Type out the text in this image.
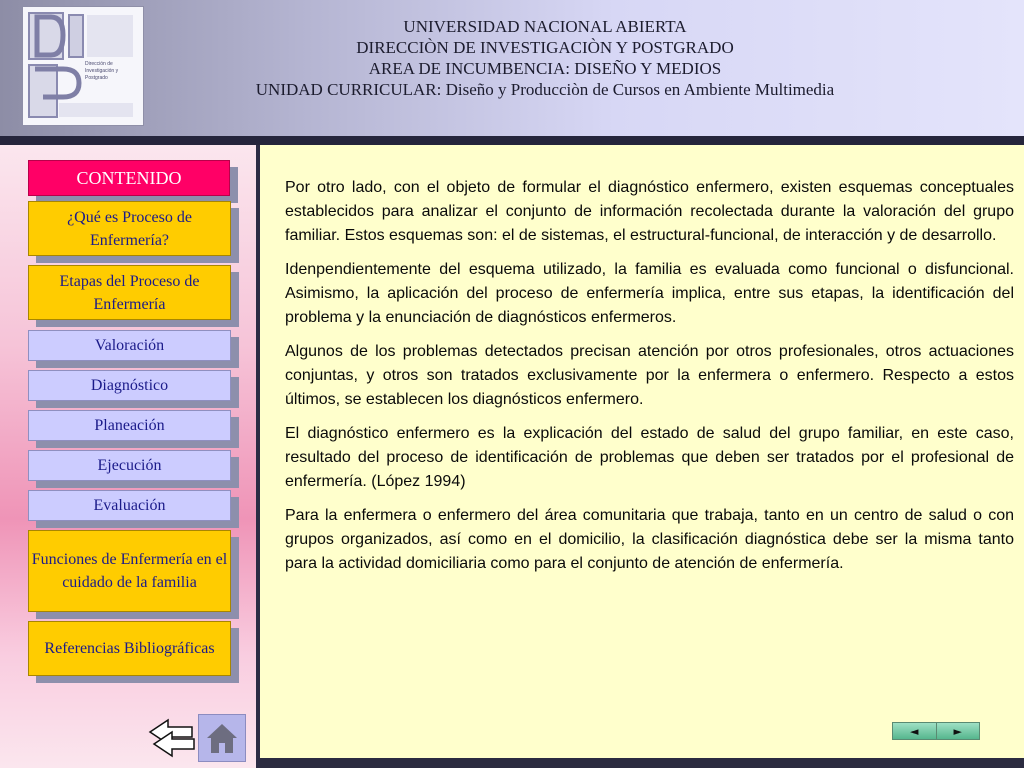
Dirección de
Investigación y
Postgrado
UNIVERSIDAD NACIONAL ABIERTA
DIRECCIÒN DE INVESTIGACIÒN Y POSTGRADO
AREA DE INCUMBENCIA: DISEÑO Y MEDIOS
UNIDAD CURRICULAR: Diseño y Producciòn de Cursos en Ambiente Multimedia
CONTENIDO
¿Qué es Proceso de Enfermería?
Etapas del Proceso de Enfermería
Valoración
Diagnóstico
Planeación
Ejecución
Evaluación
Funciones de Enfermería en el cuidado de la familia
Referencias Bibliográficas

Por otro lado, con el objeto de formular el diagnóstico enfermero, existen esquemas conceptuales establecidos para analizar el conjunto de información recolectada durante la valoración del grupo familiar. Estos esquemas son: el de sistemas, el estructural-funcional, de interacción y de desarrollo.

Idenpendientemente del esquema utilizado, la familia es evaluada como funcional o disfuncional. Asimismo, la aplicación del proceso de enfermería implica, entre sus etapas, la identificación del problema y la enunciación de diagnósticos enfermeros.

Algunos de los problemas detectados precisan atención por otros profesionales, otros actuaciones conjuntas, y otros son tratados exclusivamente por la enfermera o enfermero. Respecto a estos últimos, se establecen los diagnósticos enfermero.

El diagnóstico enfermero es la explicación del estado de salud del grupo familiar, en este caso, resultado del proceso de identificación de problemas que deben ser tratados por el profesional de enfermería. (López 1994)

Para la enfermera o enfermero del área comunitaria que trabaja, tanto en un centro de salud o con grupos organizados, así como en el domicilio, la clasificación diagnóstica debe ser la misma tanto para la actividad domiciliaria como para el conjunto de atención de enfermería.

◄	►
